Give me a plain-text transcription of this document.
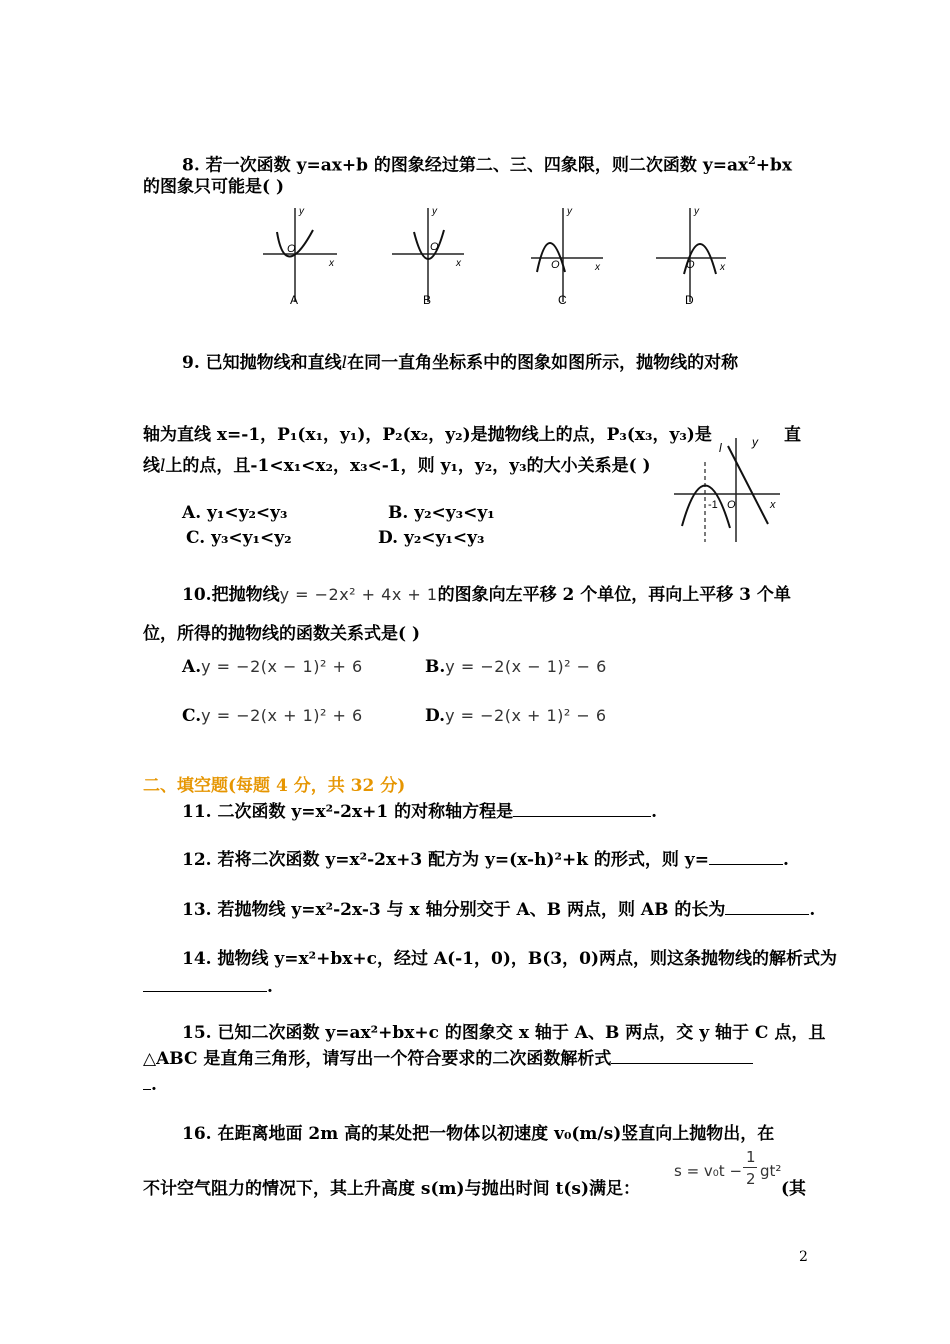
8. 若一次函数 y=ax+b 的图象经过第二、三、四象限，则二次函数 $y=ax^2+bx$
的图象只可能是( )
y
x
O
A
y
x
O
B
y
x
O
C
y
x
O
D
9. 已知抛物线和直线l在同一直角坐标系中的图象如图所示，抛物线的对称
轴为直线 x=-1，P₁(x₁，y₁)，P₂(x₂，y₂)是抛物线上的点，P₃(x₃，y₃)是	直
线l上的点，且-1<x₁<x₂，x₃<-1，则 y₁，y₂，y₃的大小关系是( )
A. y₁<y₂<y₃	B. y₂<y₃<y₁
C. y₃<y₁<y₂	D. y₂<y₁<y₃
l	y
x
-1 O
10.把抛物线y = −2x² + 4x + 1的图象向左平移 2 个单位，再向上平移 3 个单
位，所得的抛物线的函数关系式是( )
A.y = −2(x − 1)² + 6	B.y = −2(x − 1)² − 6
C.y = −2(x + 1)² + 6	D.y = −2(x + 1)² − 6
二、填空题(每题 4 分，共 32 分)
11. 二次函数 y=x²-2x+1 的对称轴方程是	.
12. 若将二次函数 y=x²-2x+3 配方为 y=(x-h)²+k 的形式，则 y=	.
13. 若抛物线 y=x²-2x-3 与 x 轴分别交于 A、B 两点，则 AB 的长为	.
14. 抛物线 y=x²+bx+c，经过 A(-1，0)，B(3，0)两点，则这条抛物线的解析式为
.
15. 已知二次函数 y=ax²+bx+c 的图象交 x 轴于 A、B 两点，交 y 轴于 C 点，且
△ABC 是直角三角形，请写出一个符合要求的二次函数解析式
.
16. 在距离地面 2m 高的某处把一物体以初速度 v₀(m/s)竖直向上抛物出，在
不计空气阻力的情况下，其上升高度 s(m)与抛出时间 t(s)满足：
s = v₀t −
1
2 gt²
(其
2
